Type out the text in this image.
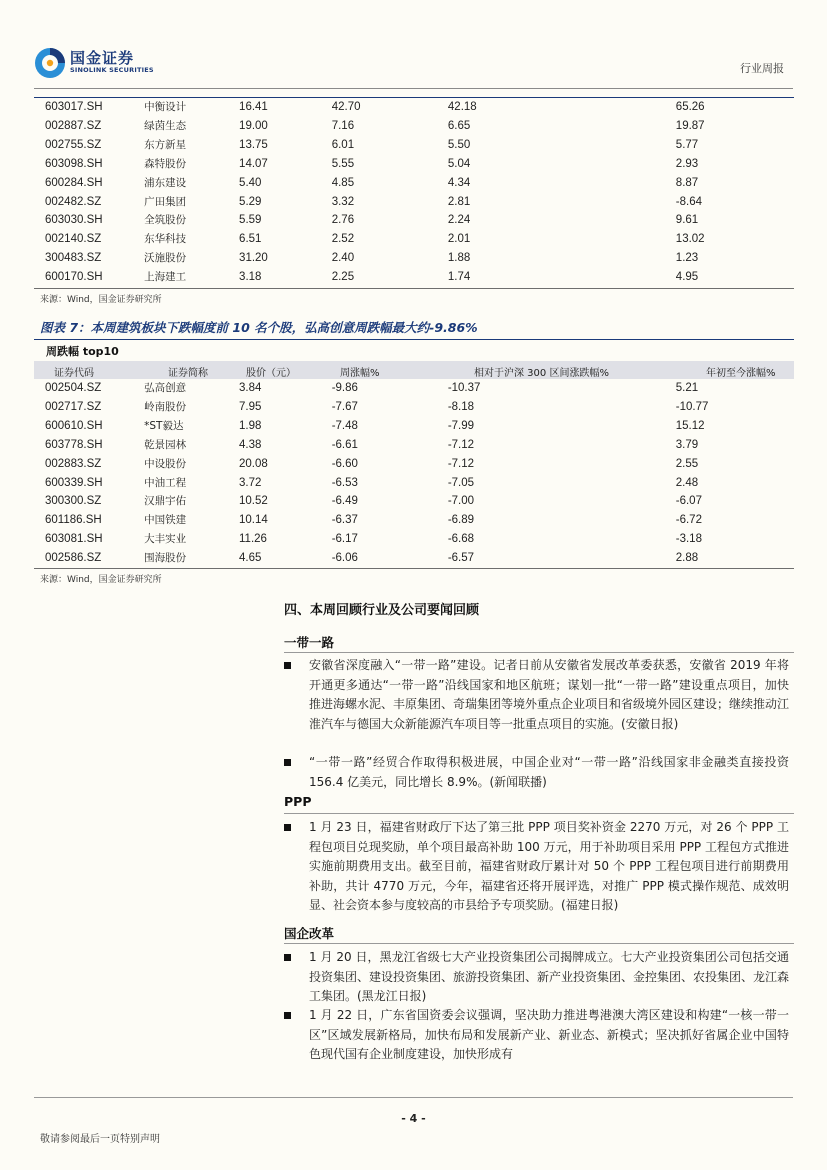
国金证券
SINOLINK SECURITIES	行业周报
603017.SH	中衡设计	16.41	42.70	42.18	65.26
002887.SZ	绿茵生态	19.00	7.16	6.65	19.87
002755.SZ	东方新星	13.75	6.01	5.50	5.77
603098.SH	森特股份	14.07	5.55	5.04	2.93
600284.SH	浦东建设	5.40	4.85	4.34	8.87
002482.SZ	广田集团	5.29	3.32	2.81	-8.64
603030.SH	全筑股份	5.59	2.76	2.24	9.61
002140.SZ	东华科技	6.51	2.52	2.01	13.02
300483.SZ	沃施股份	31.20	2.40	1.88	1.23
600170.SH	上海建工	3.18	2.25	1.74	4.95
来源：Wind，国金证券研究所
图表 7：本周建筑板块下跌幅度前 10 名个股，弘高创意周跌幅最大约-9.86%
周跌幅 top10
证券代码	证券简称	股价（元）	周涨幅%	相对于沪深 300 区间涨跌幅%	年初至今涨幅%
002504.SZ	弘高创意	3.84	-9.86	-10.37	5.21
002717.SZ	岭南股份	7.95	-7.67	-8.18	-10.77
600610.SH	*ST毅达	1.98	-7.48	-7.99	15.12
603778.SH	乾景园林	4.38	-6.61	-7.12	3.79
002883.SZ	中设股份	20.08	-6.60	-7.12	2.55
600339.SH	中油工程	3.72	-6.53	-7.05	2.48
300300.SZ	汉鼎宇佑	10.52	-6.49	-7.00	-6.07
601186.SH	中国铁建	10.14	-6.37	-6.89	-6.72
603081.SH	大丰实业	11.26	-6.17	-6.68	-3.18
002586.SZ	围海股份	4.65	-6.06	-6.57	2.88
来源：Wind，国金证券研究所
四、本周回顾行业及公司要闻回顾
一带一路
安徽省深度融入“一带一路”建设。记者日前从安徽省发展改革委获悉，安徽省 2019 年将开通更多通达“一带一路”沿线国家和地区航班；谋划一批“一带一路”建设重点项目，加快推进海螺水泥、丰原集团、奇瑞集团等境外重点企业项目和省级境外园区建设；继续推动江淮汽车与德国大众新能源汽车项目等一批重点项目的实施。(安徽日报)
“一带一路”经贸合作取得积极进展，中国企业对“一带一路”沿线国家非金融类直接投资 156.4 亿美元，同比增长 8.9%。(新闻联播)
PPP
1 月 23 日，福建省财政厅下达了第三批 PPP 项目奖补资金 2270 万元，对 26 个 PPP 工程包项目兑现奖励，单个项目最高补助 100 万元，用于补助项目采用 PPP 工程包方式推进实施前期费用支出。截至目前，福建省财政厅累计对 50 个 PPP 工程包项目进行前期费用补助，共计 4770 万元，今年，福建省还将开展评选，对推广 PPP 模式操作规范、成效明显、社会资本参与度较高的市县给予专项奖励。(福建日报)
国企改革
1 月 20 日，黑龙江省级七大产业投资集团公司揭牌成立。七大产业投资集团公司包括交通投资集团、建设投资集团、旅游投资集团、新产业投资集团、金控集团、农投集团、龙江森工集团。(黑龙江日报)
1 月 22 日，广东省国资委会议强调，坚决助力推进粤港澳大湾区建设和构建“一核一带一区”区域发展新格局，加快布局和发展新产业、新业态、新模式；坚决抓好省属企业中国特色现代国有企业制度建设，加快形成有
- 4 -
敬请参阅最后一页特别声明
